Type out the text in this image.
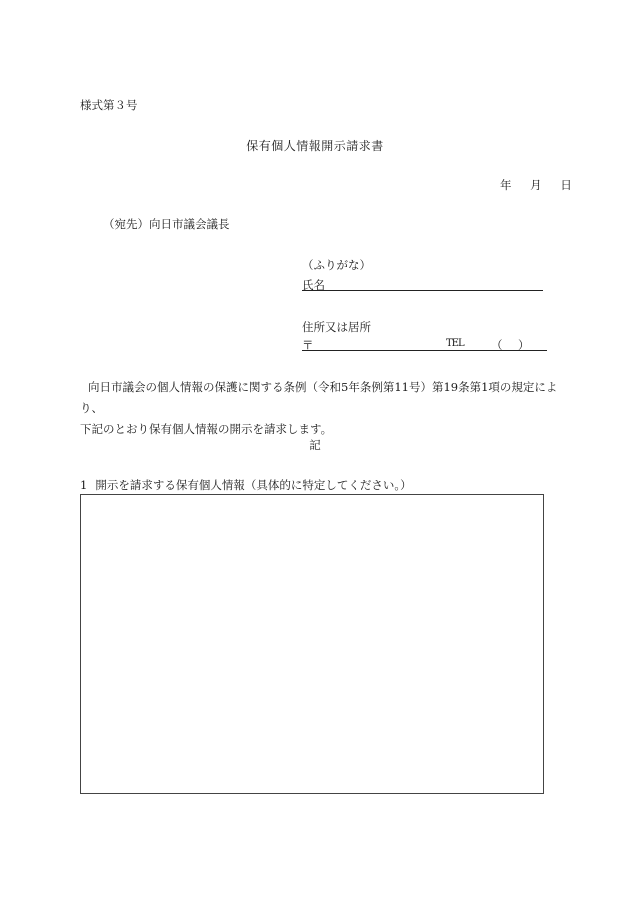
様式第３号
保有個人情報開示請求書
年 月 日
（宛先）向日市議会議長
（ふりがな）
氏名
住所又は居所
〒	TEL （ ）

向日市議会の個人情報の保護に関する条例（令和5年条例第11号）第19条第1項の規定により、

下記のとおり保有個人情報の開示を請求します。

記
1 開示を請求する保有個人情報（具体的に特定してください。）
